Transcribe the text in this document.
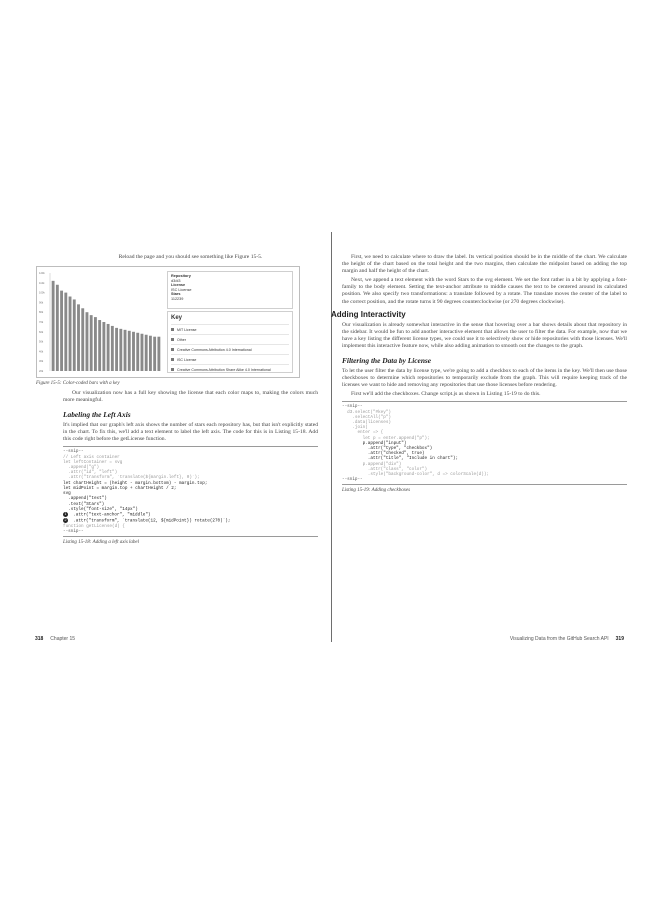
Reload the page and you should see something like Figure 15-5.

120k
110k
100k
90k
80k
70k
60k
50k
40k
30k
20k
Repository
d3/d3
License
ISC License
Stars
112239
Key
MIT License
Other
Creative Commons Attribution 4.0 International
ISC License
Creative Commons Attribution Share Alike 4.0 International

Figure 15-5: Color-coded bars with a key

Our visualization now has a full key showing the license that each color maps to, making the colors much more meaningful.

Labeling the Left Axis

It's implied that our graph's left axis shows the number of stars each repository has, but that isn't explicitly stated in the chart. To fix this, we'll add a text element to label the left axis. The code for this is in Listing 15-18. Add this code right before the getLicense function.

--snip--
// Left axis container
let leftContainer = svg
.append("g")
.attr("id", "left")
.attr("transform", `translate(${margin.left}, 0)`);
let chartHeight = (height - margin.bottom) - margin.top;
let midPoint = margin.top + chartHeight / 2;
svg
.append("text")
.text("Stars")
.style("font-size", "14px")
1  .attr("text-anchor", "middle")
2  .attr("transform", `translate(12, ${midPoint}) rotate(270)`);
function getLicense(d) {
--snip--

Listing 15-18: Adding a left axis label

318 Chapter 15

First, we need to calculate where to draw the label. Its vertical position should be in the middle of the chart. We calculate the height of the chart based on the total height and the two margins, then calculate the midpoint based on adding the top margin and half the height of the chart.

Next, we append a text element with the word Stars to the svg element. We set the font rather in a bit by applying a font-family to the body element. Setting the text-anchor attribute to middle causes the text to be centered around its calculated position. We also specify two transformations: a translate followed by a rotate. The translate moves the center of the label to the correct position, and the rotate turns it 90 degrees counterclockwise (or 270 degrees clockwise).

Adding Interactivity

Our visualization is already somewhat interactive in the sense that hovering over a bar shows details about that repository in the sidebar. It would be fun to add another interactive element that allows the user to filter the data. For example, now that we have a key listing the different license types, we could use it to selectively show or hide repositories with those licenses. We'll implement this interactive feature now, while also adding animation to smooth out the changes to the graph.

Filtering the Data by License

To let the user filter the data by license type, we're going to add a checkbox to each of the items in the key. We'll then use those checkboxes to determine which repositories to temporarily exclude from the graph. This will require keeping track of the licenses we want to hide and removing any repositories that use those licenses before rendering.

First we'll add the checkboxes. Change script.js as shown in Listing 15-19 to do this.

--snip--
d3.select("#key")
.selectAll("p")
.data(licenses)
.join(
enter => {
let p = enter.append("p");
p.append("input")
.attr("type", "checkbox")
.attr("checked", true)
.attr("title", "Include in chart");
p.append("div")
.attr("class", "color")
.style("background-color", d => colorScale(d));
--snip--

Listing 15-19: Adding checkboxes

Visualizing Data from the GitHub Search API 319
